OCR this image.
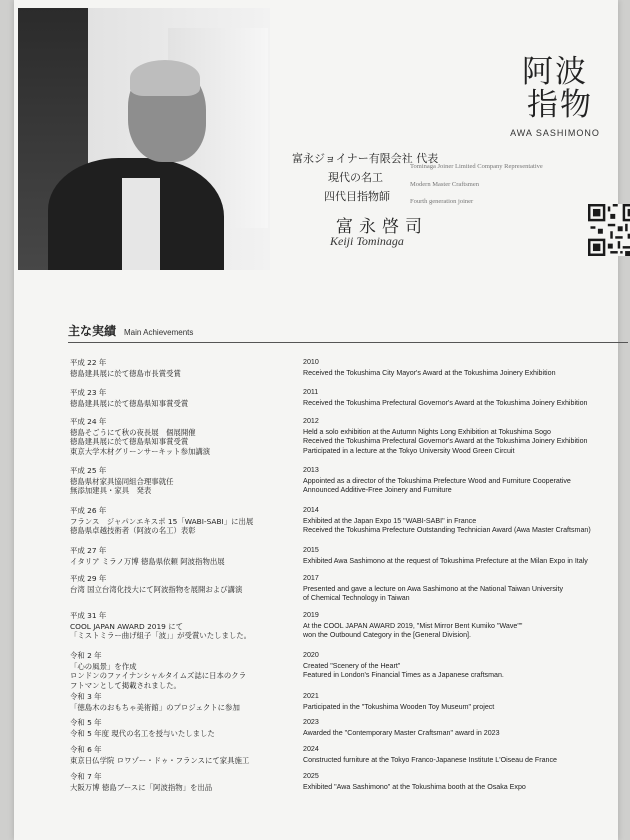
阿波
指物
AWA SASHIMONO
富永ジョイナー有限会社 代表
Tominaga Joiner Limited Company Representative
現代の名工
Modern Master Craftsmen
四代目指物師	Fourth generation joiner
富永啓司
Keiji Tominaga
主な実績 Main Achievements
平成 22 年
徳島建具展に於て徳島市長賞受賞
2010
Received the Tokushima City Mayor's Award at the Tokushima Joinery Exhibition
平成 23 年
徳島建具展に於て徳島県知事賞受賞
2011
Received the Tokushima Prefectural Governor's Award at the Tokushima Joinery Exhibition
平成 24 年
徳島そごうにて秋の夜長展　個展開催
徳島建具展に於て徳島県知事賞受賞
東京大学木材グリーンサーキット参加講演
2012
Held a solo exhibition at the Autumn Nights Long Exhibition at Tokushima Sogo
Received the Tokushima Prefectural Governor's Award at the Tokushima Joinery Exhibition
Participated in a lecture at the Tokyo University Wood Green Circuit
平成 25 年
徳島県材家具協同組合理事就任
無添加建具・家具　発表
2013
Appointed as a director of the Tokushima Prefecture Wood and Furniture Cooperative
Announced Additive-Free Joinery and Furniture
平成 26 年
フランス　ジャパンエキスポ 15「WABI-SABI」に出展
徳島県卓越技術者（阿波の名工）表彰
2014
Exhibited at the Japan Expo 15 "WABI-SABI" in France
Received the Tokushima Prefecture Outstanding Technician Award (Awa Master Craftsman)
平成 27 年
イタリア ミラノ万博 徳島県依頼 阿波指物出展
2015
Exhibited Awa Sashimono at the request of Tokushima Prefecture at the Milan Expo in Italy
平成 29 年
台湾 国立台湾化技大にて阿波指物を展開および講演
2017
Presented and gave a lecture on Awa Sashimono at the National Taiwan University
of Chemical Technology in Taiwan
平成 31 年
COOL JAPAN AWARD 2019 にて
「ミストミラー曲げ組子「波」」が受賞いたしました。
2019
At the COOL JAPAN AWARD 2019, "Mist Mirror Bent Kumiko "Wave""
won the Outbound Category in the [General Division].
令和 2 年
「心の風景」を作成
ロンドンのファイナンシャルタイムズ誌に日本のクラ
フトマンとして掲載されました。
2020
Created "Scenery of the Heart"
Featured in London's Financial Times as a Japanese craftsman.
令和 3 年
「徳島木のおもちゃ美術館」のプロジェクトに参加
2021
Participated in the "Tokushima Wooden Toy Museum" project
令和 5 年
令和 5 年度 現代の名工を授与いたしました
2023
Awarded the "Contemporary Master Craftsman" award in 2023
令和 6 年
東京日仏学院 ロワゾー・ドゥ・フランスにて家具施工
2024
Constructed furniture at the Tokyo Franco-Japanese Institute L'Oiseau de France
令和 7 年
大阪万博 徳島ブースに「阿波指物」を出品
2025
Exhibited "Awa Sashimono" at the Tokushima booth at the Osaka Expo
